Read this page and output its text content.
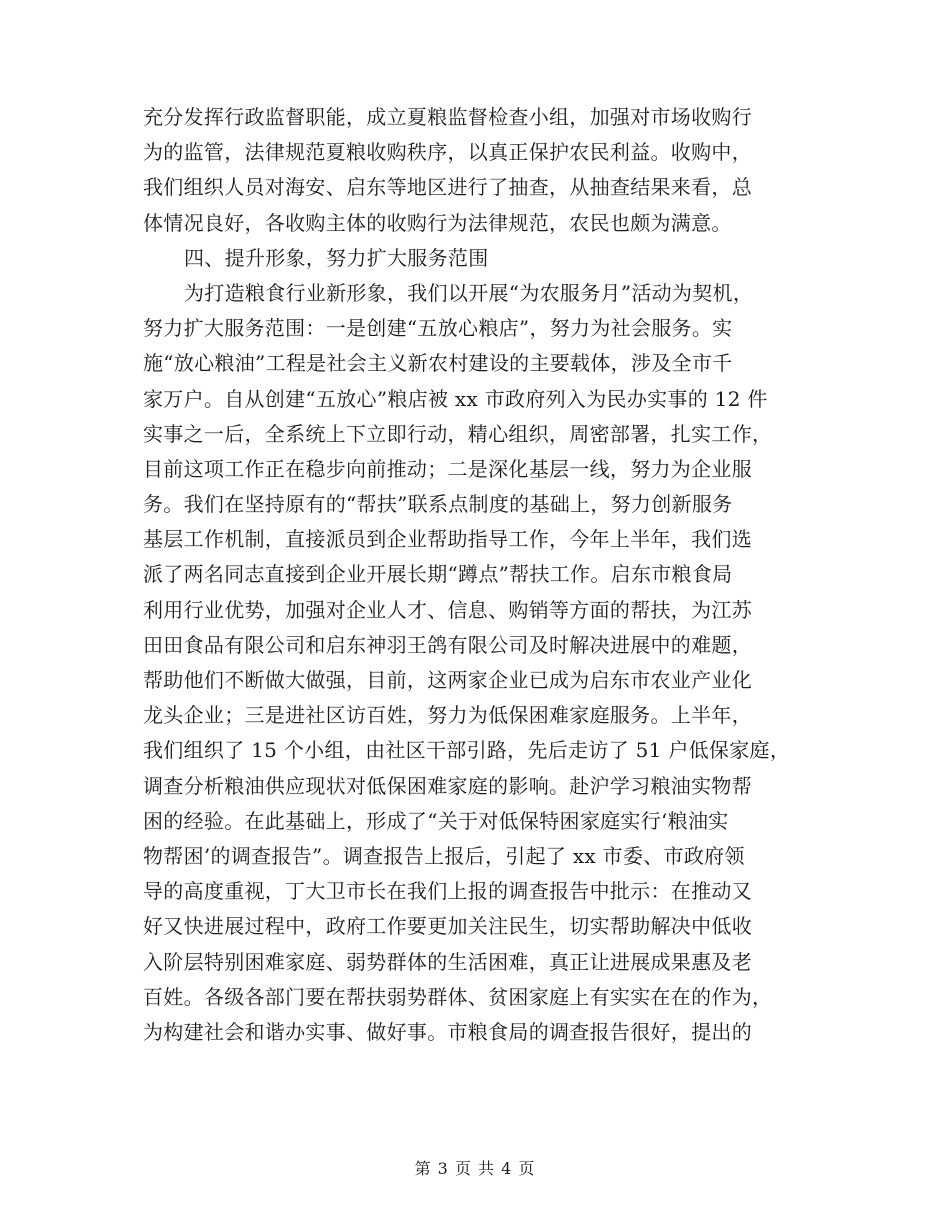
充分发挥行政监督职能，成立夏粮监督检查小组，加强对市场收购行
为的监管，法律规范夏粮收购秩序，以真正保护农民利益。收购中，
我们组织人员对海安、启东等地区进行了抽查，从抽查结果来看，总
体情况良好，各收购主体的收购行为法律规范，农民也颇为满意。
四、提升形象，努力扩大服务范围
为打造粮食行业新形象，我们以开展“为农服务月”活动为契机，
努力扩大服务范围：一是创建“五放心粮店”，努力为社会服务。实
施“放心粮油”工程是社会主义新农村建设的主要载体，涉及全市千
家万户。自从创建“五放心”粮店被 xx 市政府列入为民办实事的 12 件
实事之一后，全系统上下立即行动，精心组织，周密部署，扎实工作，
目前这项工作正在稳步向前推动；二是深化基层一线，努力为企业服
务。我们在坚持原有的“帮扶”联系点制度的基础上，努力创新服务
基层工作机制，直接派员到企业帮助指导工作，今年上半年，我们选
派了两名同志直接到企业开展长期“蹲点”帮扶工作。启东市粮食局
利用行业优势，加强对企业人才、信息、购销等方面的帮扶，为江苏
田田食品有限公司和启东神羽王鸽有限公司及时解决进展中的难题，
帮助他们不断做大做强，目前，这两家企业已成为启东市农业产业化
龙头企业；三是进社区访百姓，努力为低保困难家庭服务。上半年，
我们组织了 15 个小组，由社区干部引路，先后走访了 51 户低保家庭，
调查分析粮油供应现状对低保困难家庭的影响。赴沪学习粮油实物帮
困的经验。在此基础上，形成了“关于对低保特困家庭实行‘粮油实
物帮困’的调查报告”。调查报告上报后，引起了 xx 市委、市政府领
导的高度重视，丁大卫市长在我们上报的调查报告中批示：在推动又
好又快进展过程中，政府工作要更加关注民生，切实帮助解决中低收
入阶层特别困难家庭、弱势群体的生活困难，真正让进展成果惠及老
百姓。各级各部门要在帮扶弱势群体、贫困家庭上有实实在在的作为，
为构建社会和谐办实事、做好事。市粮食局的调查报告很好，提出的
第 3 页 共 4 页
